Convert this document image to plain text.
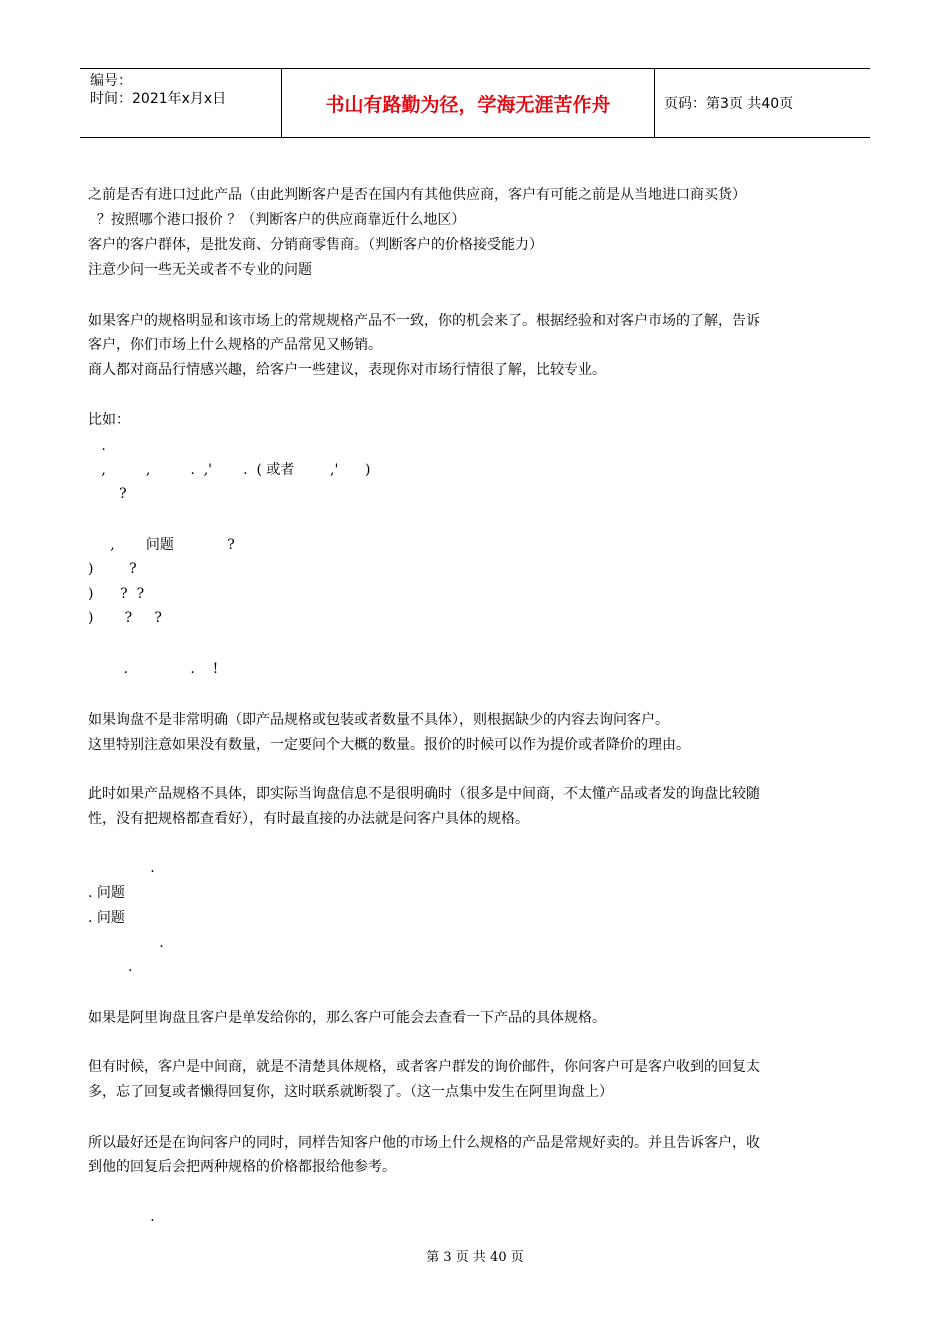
编号：
时间：2021年x月x日	书山有路勤为径，学海无涯苦作舟	页码：第3页 共40页
之前是否有进口过此产品（由此判断客户是否在国内有其他供应商，客户有可能之前是从当地进口商买货）
？按照哪个港口报价 ？（判断客户的供应商靠近什么地区）
客户的客户群体，是批发商、分销商零售商。（判断客户的价格接受能力）
注意少问一些无关或者不专业的问题
如果客户的规格明显和该市场上的常规规格产品不一致，你的机会来了。根据经验和对客户市场的了解，告诉
客户，你们市场上什么规格的产品常见又畅销。
商人都对商品行情感兴趣，给客户一些建议，表现你对市场行情很了解，比较专业。
比如：
.
,         ,         .  ,'       .  ( 或者        ,'      )
?
,       问题            ?
)        ?
)      ?  ?
)       ?     ?
.              .    !
如果询盘不是非常明确（即产品规格或包装或者数量不具体），则根据缺少的内容去询问客户。
这里特别注意如果没有数量，一定要问个大概的数量。报价的时候可以作为提价或者降价的理由。
此时如果产品规格不具体，即实际当询盘信息不是很明确时（很多是中间商，不太懂产品或者发的询盘比较随
性，没有把规格都查看好），有时最直接的办法就是问客户具体的规格。
.
. 问题
. 问题
.
.
如果是阿里询盘且客户是单发给你的，那么客户可能会去查看一下产品的具体规格。
但有时候，客户是中间商，就是不清楚具体规格，或者客户群发的询价邮件，你问客户可是客户收到的回复太
多，忘了回复或者懒得回复你，这时联系就断裂了。（这一点集中发生在阿里询盘上）
所以最好还是在询问客户的同时，同样告知客户他的市场上什么规格的产品是常规好卖的。并且告诉客户，收
到他的回复后会把两种规格的价格都报给他参考。
.
第 3 页 共 40 页
